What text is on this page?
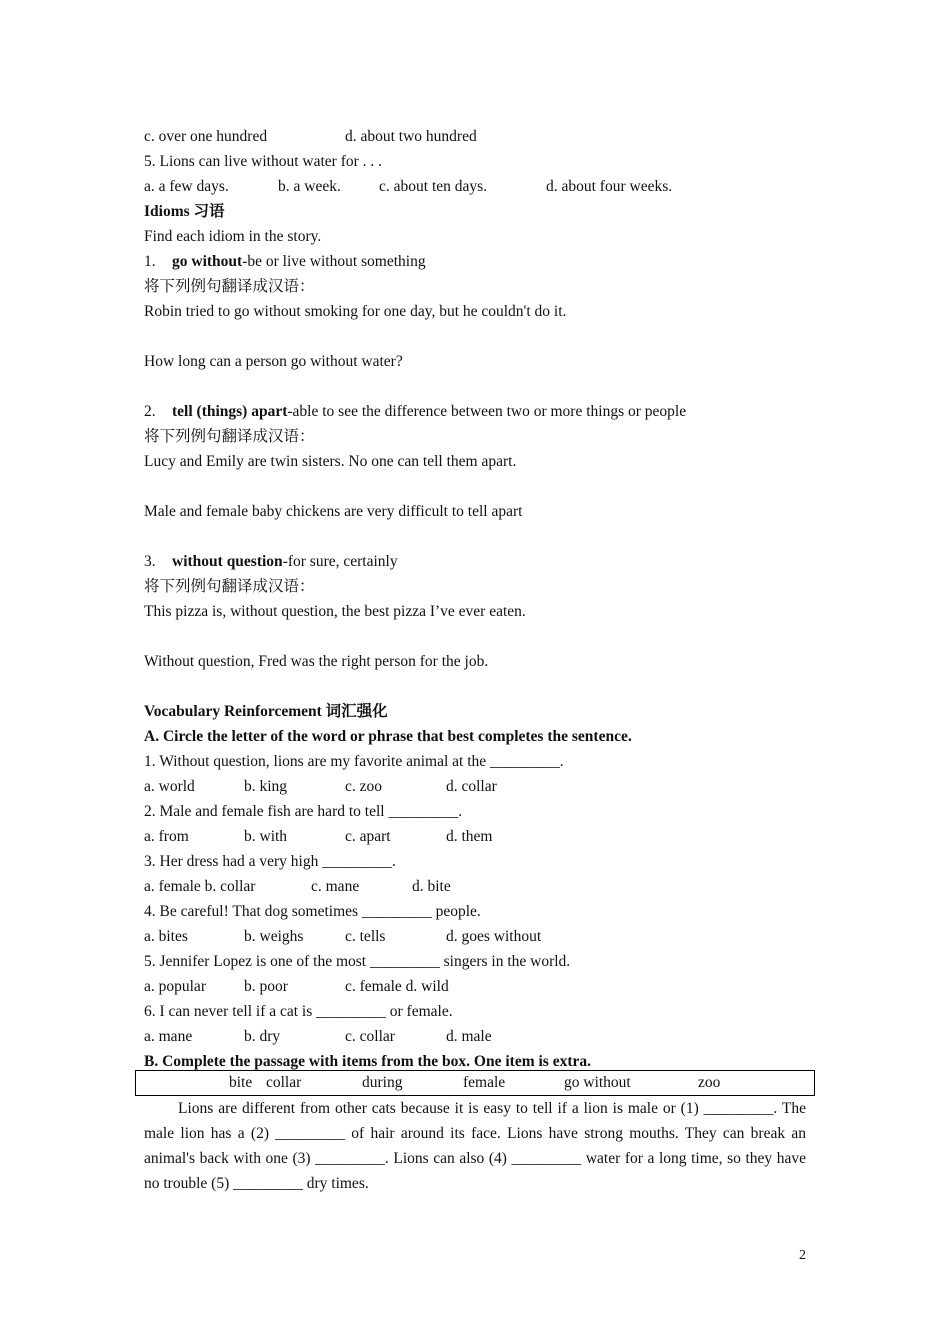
c. over one hundred	d. about two hundred
5. Lions can live without water for . . .
a. a few days.	b. a week. c. about ten days.	d. about four weeks.
Idioms 习语
Find each idiom in the story.
1. go without-be or live without something
将下列例句翻译成汉语：
Robin tried to go without smoking for one day, but he couldn't do it.
How long can a person go without water?
2. tell (things) apart-able to see the difference between two or more things or people
将下列例句翻译成汉语：
Lucy and Emily are twin sisters. No one can tell them apart.
Male and female baby chickens are very difficult to tell apart
3. without question-for sure, certainly
将下列例句翻译成汉语：
This pizza is, without question, the best pizza I’ve ever eaten.
Without question, Fred was the right person for the job.
Vocabulary Reinforcement 词汇强化
A. Circle the letter of the word or phrase that best completes the sentence.
1. Without question, lions are my favorite animal at the _________.
a. world	b. king	c. zoo	d. collar
2. Male and female fish are hard to tell _________.
a. from	b. with	c. apart	d. them
3. Her dress had a very high _________.
a. female b. collar	c. mane	d. bite
4. Be careful! That dog sometimes _________ people.
a. bites	b. weighs	c. tells	d. goes without
5. Jennifer Lopez is one of the most _________ singers in the world.
a. popular b. poor	c. female d. wild
6. I can never tell if a cat is _________ or female.
a. mane	b. dry	c. collar	d. male
B. Complete the passage with items from the box. One item is extra.
bite collar	during	female	go without	zoo
Lions are different from other cats because it is easy to tell if a lion is male or (1) _________. The male lion has a (2) _________ of hair around its face. Lions have strong mouths. They can break an animal's back with one (3) _________. Lions can also (4) _________ water for a long time, so they have no trouble (5) _________ dry times.
2
